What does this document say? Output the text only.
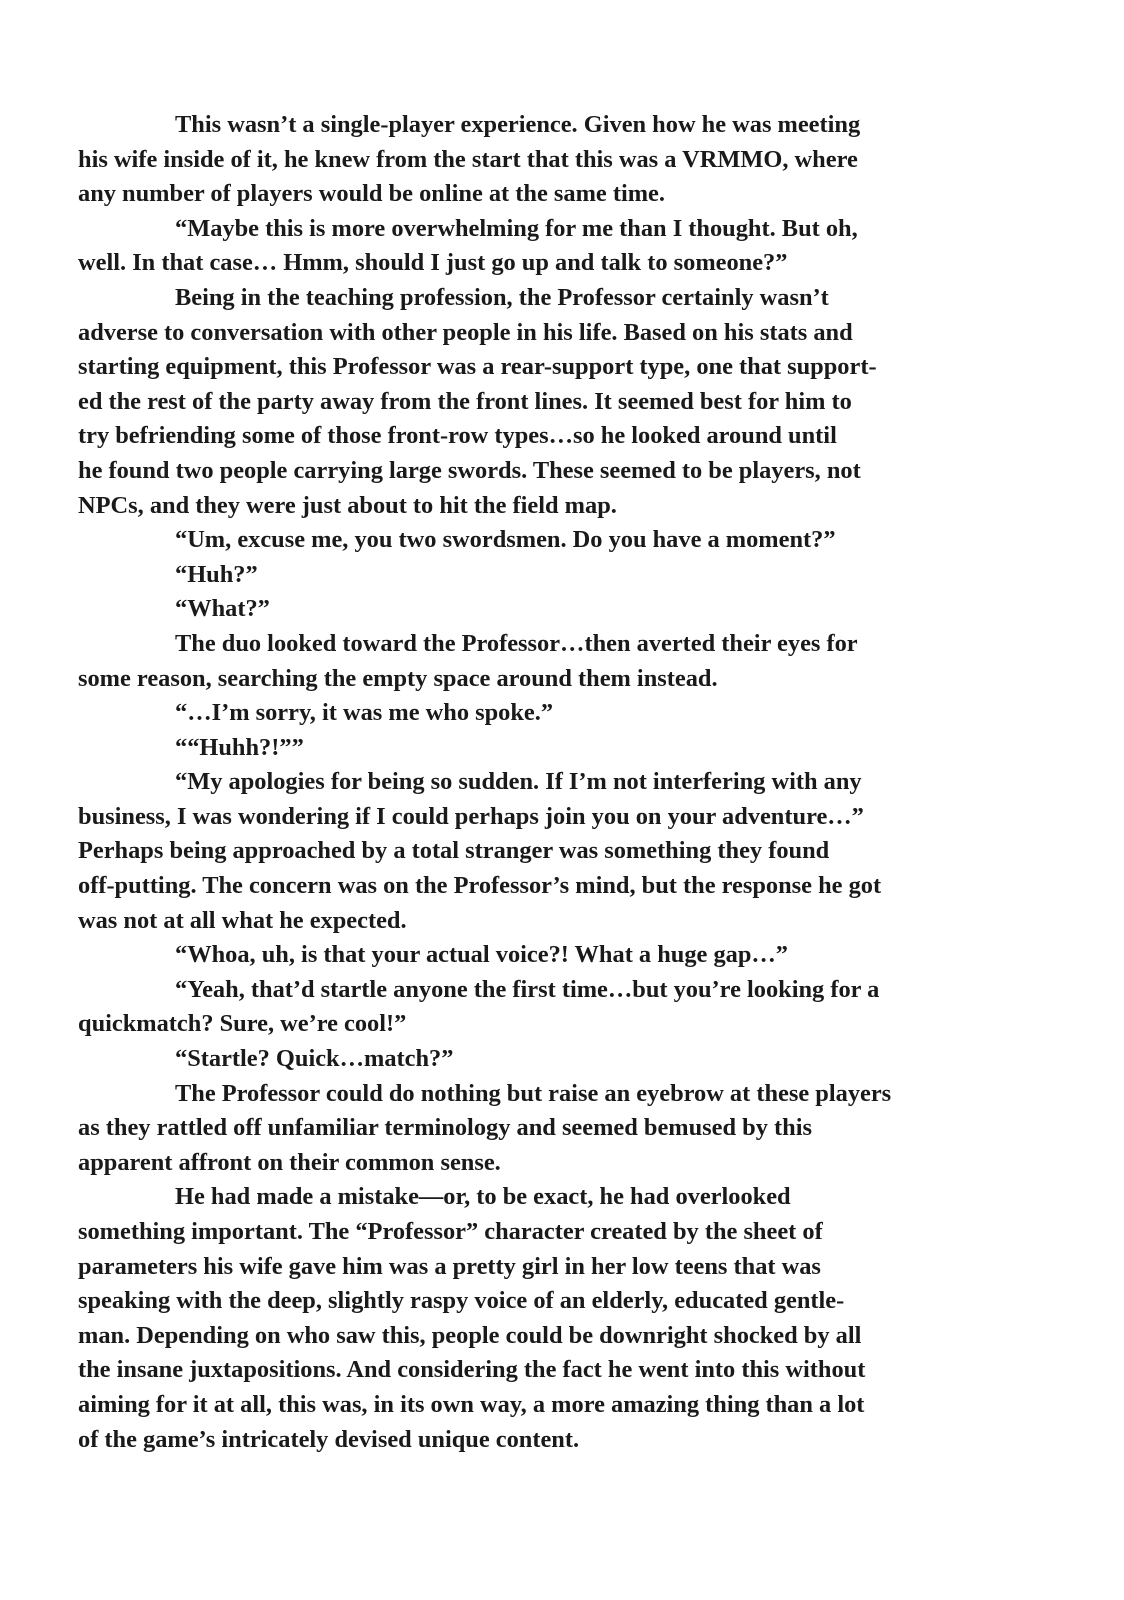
This wasn’t a single-player experience. Given how he was meeting
his wife inside of it, he knew from the start that this was a VRMMO, where
any number of players would be online at the same time.
“Maybe this is more overwhelming for me than I thought. But oh,
well. In that case… Hmm, should I just go up and talk to someone?”
Being in the teaching profession, the Professor certainly wasn’t
adverse to conversation with other people in his life. Based on his stats and
starting equipment, this Professor was a rear-support type, one that support-
ed the rest of the party away from the front lines. It seemed best for him to
try befriending some of those front-row types…so he looked around until
he found two people carrying large swords. These seemed to be players, not
NPCs, and they were just about to hit the field map.
“Um, excuse me, you two swordsmen. Do you have a moment?”
“Huh?”
“What?”
The duo looked toward the Professor…then averted their eyes for
some reason, searching the empty space around them instead.
“…I’m sorry, it was me who spoke.”
““Huhh?!””
“My apologies for being so sudden. If I’m not interfering with any
business, I was wondering if I could perhaps join you on your adventure…”
Perhaps being approached by a total stranger was something they found
off-putting. The concern was on the Professor’s mind, but the response he got
was not at all what he expected.
“Whoa, uh, is that your actual voice?! What a huge gap…”
“Yeah, that’d startle anyone the first time…but you’re looking for a
quickmatch? Sure, we’re cool!”
“Startle? Quick…match?”
The Professor could do nothing but raise an eyebrow at these players
as they rattled off unfamiliar terminology and seemed bemused by this
apparent affront on their common sense.
He had made a mistake—or, to be exact, he had overlooked
something important. The “Professor” character created by the sheet of
parameters his wife gave him was a pretty girl in her low teens that was
speaking with the deep, slightly raspy voice of an elderly, educated gentle-
man. Depending on who saw this, people could be downright shocked by all
the insane juxtapositions. And considering the fact he went into this without
aiming for it at all, this was, in its own way, a more amazing thing than a lot
of the game’s intricately devised unique content.
